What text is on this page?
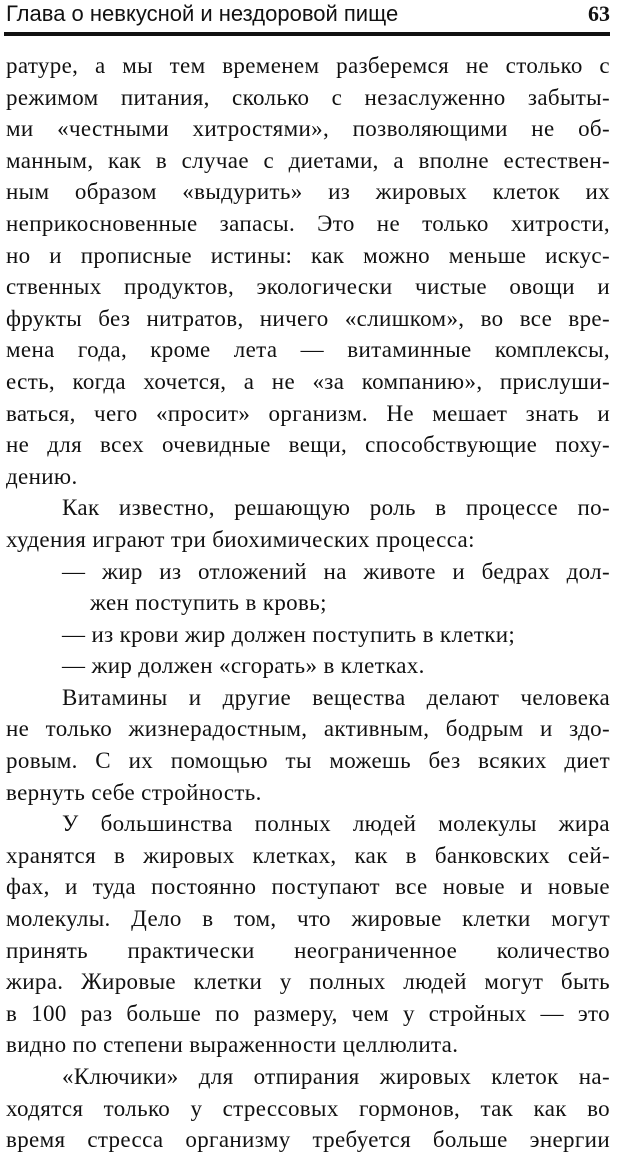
Глава о невкусной и нездоровой пище	63
ратуре, а мы тем временем разберемся не столько с
режимом питания, сколько с незаслуженно забыты-
ми «честными хитростями», позволяющими не об-
манным, как в случае с диетами, а вполне естествен-
ным образом «выдурить» из жировых клеток их
неприкосновенные запасы. Это не только хитрости,
но и прописные истины: как можно меньше искус-
ственных продуктов, экологически чистые овощи и
фрукты без нитратов, ничего «слишком», во все вре-
мена года, кроме лета — витаминные комплексы,
есть, когда хочется, а не «за компанию», прислуши-
ваться, чего «просит» организм. Не мешает знать и
не для всех очевидные вещи, способствующие поху-
дению.
Как известно, решающую роль в процессе по-
худения играют три биохимических процесса:
— жир из отложений на животе и бедрах дол-
жен поступить в кровь;
— из крови жир должен поступить в клетки;
— жир должен «сгорать» в клетках.
Витамины и другие вещества делают человека
не только жизнерадостным, активным, бодрым и здо-
ровым. С их помощью ты можешь без всяких диет
вернуть себе стройность.
У большинства полных людей молекулы жира
хранятся в жировых клетках, как в банковских сей-
фах, и туда постоянно поступают все новые и новые
молекулы. Дело в том, что жировые клетки могут
принять практически неограниченное количество
жира. Жировые клетки у полных людей могут быть
в 100 раз больше по размеру, чем у стройных — это
видно по степени выраженности целлюлита.
«Ключики» для отпирания жировых клеток на-
ходятся только у стрессовых гормонов, так как во
время стресса организму требуется больше энергии
